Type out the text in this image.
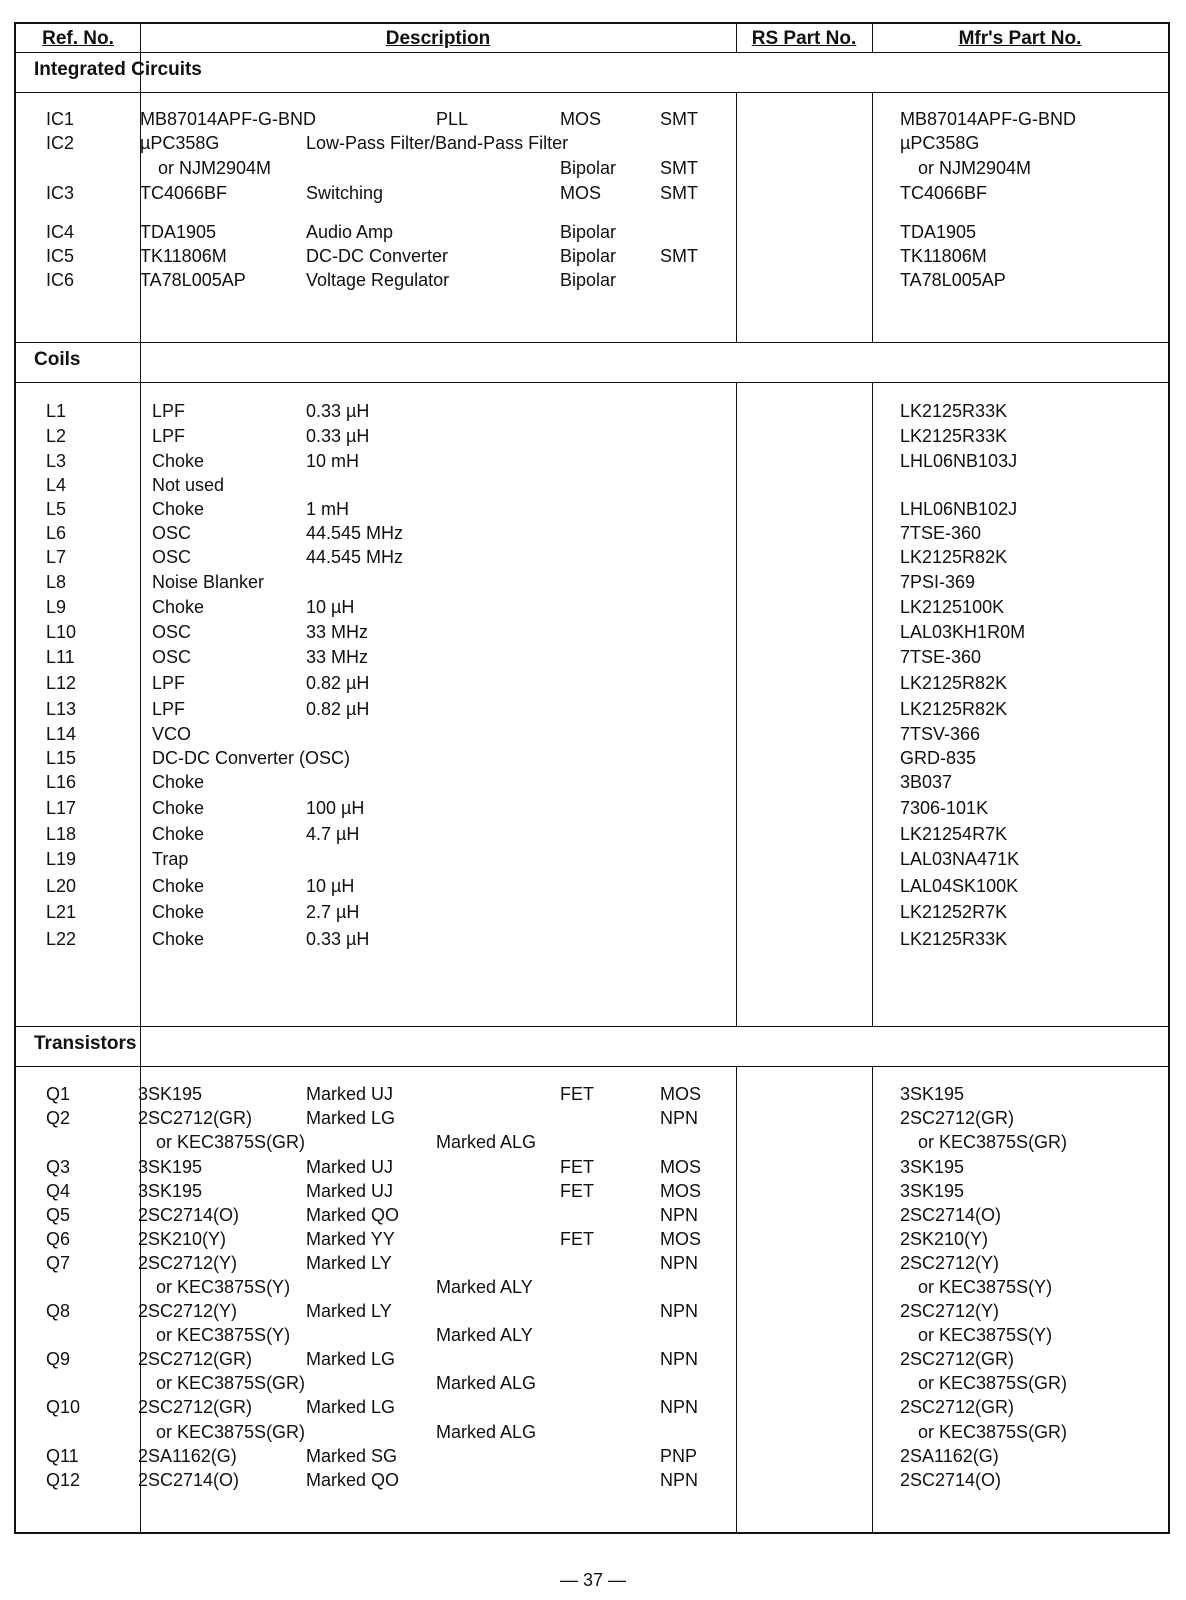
Ref. No.	Description	RS Part No.	Mfr's Part No.
Integrated Circuits
Coils
Transistors
IC1	MB87014APF-G-BND	PLL	MOS	SMT	MB87014APF-G-BND
IC2	µPC358G	Low-Pass Filter/Band-Pass Filter	µPC358G
or NJM2904M	Bipolar SMT	or NJM2904M
IC3	TC4066BF	Switching	MOS	SMT	TC4066BF
IC4	TDA1905	Audio Amp	Bipolar	TDA1905
IC5	TK11806M	DC-DC Converter	Bipolar SMT	TK11806M
IC6	TA78L005AP	Voltage Regulator	Bipolar	TA78L005AP
L1	LPF	0.33 µH	LK2125R33K
L2	LPF	0.33 µH	LK2125R33K
L3	Choke	10 mH	LHL06NB103J
L4	Not used
L5	Choke	1 mH	LHL06NB102J
L6	OSC	44.545 MHz	7TSE-360
L7	OSC	44.545 MHz	LK2125R82K
L8	Noise Blanker	7PSI-369
L9	Choke	10 µH	LK2125100K
L10	OSC	33 MHz	LAL03KH1R0M
L11	OSC	33 MHz	7TSE-360
L12	LPF	0.82 µH	LK2125R82K
L13	LPF	0.82 µH	LK2125R82K
L14	VCO	7TSV-366
L15	DC-DC Converter (OSC)	GRD-835
L16	Choke	3B037
L17	Choke	100 µH	7306-101K
L18	Choke	4.7 µH	LK21254R7K
L19	Trap	LAL03NA471K
L20	Choke	10 µH	LAL04SK100K
L21	Choke	2.7 µH	LK21252R7K
L22	Choke	0.33 µH	LK2125R33K
Q1	3SK195	Marked UJ	FET	MOS	3SK195
Q2	2SC2712(GR)	Marked LG	NPN	2SC2712(GR)
or KEC3875S(GR)	Marked ALG	or KEC3875S(GR)
Q3	3SK195	Marked UJ	FET	MOS	3SK195
Q4	3SK195	Marked UJ	FET	MOS	3SK195
Q5	2SC2714(O)	Marked QO	NPN	2SC2714(O)
Q6	2SK210(Y)	Marked YY	FET	MOS	2SK210(Y)
Q7	2SC2712(Y)	Marked LY	NPN	2SC2712(Y)
or KEC3875S(Y)	Marked ALY	or KEC3875S(Y)
Q8	2SC2712(Y)	Marked LY	NPN	2SC2712(Y)
or KEC3875S(Y)	Marked ALY	or KEC3875S(Y)
Q9	2SC2712(GR)	Marked LG	NPN	2SC2712(GR)
or KEC3875S(GR)	Marked ALG	or KEC3875S(GR)
Q10	2SC2712(GR)	Marked LG	NPN	2SC2712(GR)
or KEC3875S(GR)	Marked ALG	or KEC3875S(GR)
Q11	2SA1162(G)	Marked SG	PNP	2SA1162(G)
Q12	2SC2714(O)	Marked QO	NPN	2SC2714(O)
— 37 —
